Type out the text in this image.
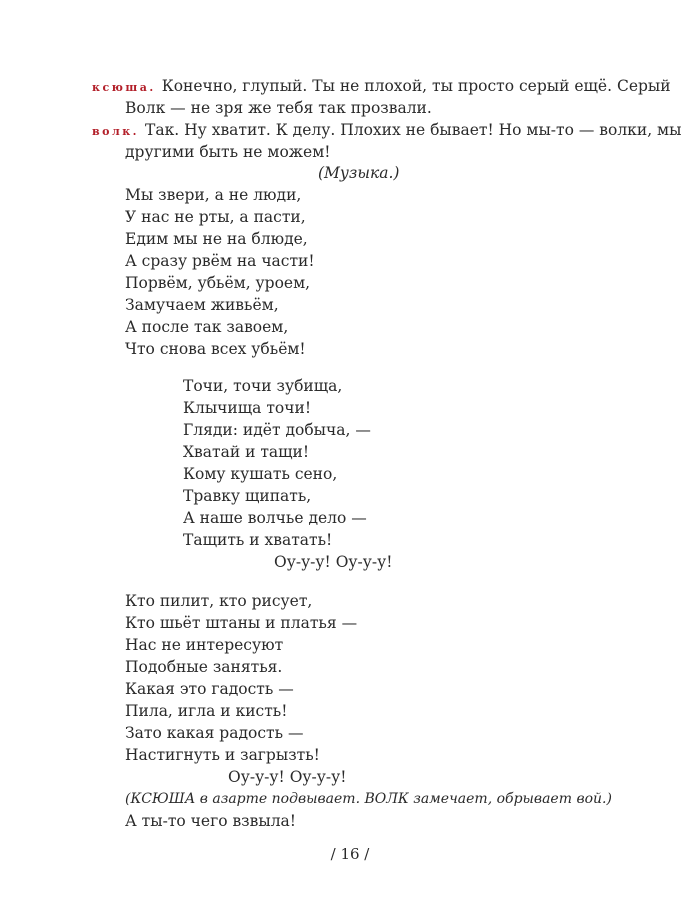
ксюша. Конечно, глупый. Ты не плохой, ты просто серый ещё. Серый
Волк — не зря же тебя так прозвали.
волк. Так. Ну хватит. К делу. Плохих не бывает! Но мы-то — волки, мы
другими быть не можем!
(Музыка.)
Мы звери, а не люди,
У нас не рты, а пасти,
Едим мы не на блюде,
А сразу рвём на части!
Порвём, убьём, уроем,
Замучаем живьём,
А после так завоем,
Что снова всех убьём!
Точи, точи зубища,
Клычища точи!
Гляди: идёт добыча, —
Хватай и тащи!
Кому кушать сено,
Травку щипать,
А наше волчье дело —
Тащить и хватать!
Оу-у-у! Оу-у-у!
Кто пилит, кто рисует,
Кто шьёт штаны и платья —
Нас не интересуют
Подобные занятья.
Какая это гадость —
Пила, игла и кисть!
Зато какая радость —
Настигнуть и загрызть!
Оу-у-у! Оу-у-у!
(КСЮША в азарте подвывает. ВОЛК замечает, обрывает вой.)
А ты-то чего взвыла!
/ 16 /
